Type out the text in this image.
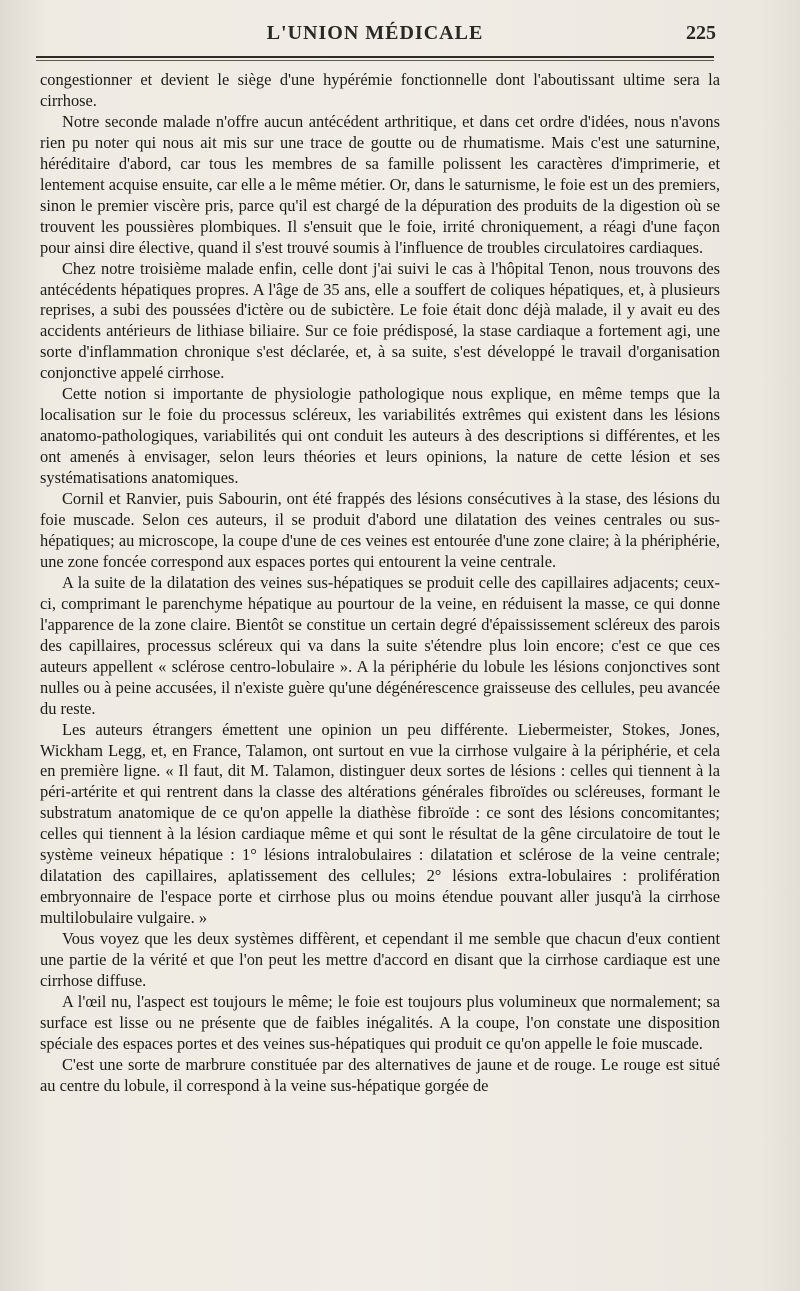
L'UNION MÉDICALE	225

congestionner et devient le siège d'une hypérémie fonctionnelle dont l'aboutissant ultime sera la cirrhose.

Notre seconde malade n'offre aucun antécédent arthritique, et dans cet ordre d'idées, nous n'avons rien pu noter qui nous ait mis sur une trace de goutte ou de rhumatisme. Mais c'est une saturnine, héréditaire d'abord, car tous les membres de sa famille polissent les caractères d'imprimerie, et lentement acquise ensuite, car elle a le même métier. Or, dans le saturnisme, le foie est un des premiers, sinon le premier viscère pris, parce qu'il est chargé de la dépuration des produits de la digestion où se trouvent les poussières plombiques. Il s'ensuit que le foie, irrité chroniquement, a réagi d'une façon pour ainsi dire élective, quand il s'est trouvé soumis à l'influence de troubles circulatoires cardiaques.

Chez notre troisième malade enfin, celle dont j'ai suivi le cas à l'hôpital Tenon, nous trouvons des antécédents hépatiques propres. A l'âge de 35 ans, elle a souffert de coliques hépatiques, et, à plusieurs reprises, a subi des poussées d'ictère ou de subictère. Le foie était donc déjà malade, il y avait eu des accidents antérieurs de lithiase biliaire. Sur ce foie prédisposé, la stase cardiaque a fortement agi, une sorte d'inflammation chronique s'est déclarée, et, à sa suite, s'est développé le travail d'organisation conjonctive appelé cirrhose.

Cette notion si importante de physiologie pathologique nous explique, en même temps que la localisation sur le foie du processus scléreux, les variabilités extrêmes qui existent dans les lésions anatomo-pathologiques, variabilités qui ont conduit les auteurs à des descriptions si différentes, et les ont amenés à envisager, selon leurs théories et leurs opinions, la nature de cette lésion et ses systématisations anatomiques.

Cornil et Ranvier, puis Sabourin, ont été frappés des lésions consécutives à la stase, des lésions du foie muscade. Selon ces auteurs, il se produit d'abord une dilatation des veines centrales ou sus-hépatiques; au microscope, la coupe d'une de ces veines est entourée d'une zone claire; à la phériphérie, une zone foncée correspond aux espaces portes qui entourent la veine centrale.

A la suite de la dilatation des veines sus-hépatiques se produit celle des capillaires adjacents; ceux-ci, comprimant le parenchyme hépatique au pourtour de la veine, en réduisent la masse, ce qui donne l'apparence de la zone claire. Bientôt se constitue un certain degré d'épaississement scléreux des parois des capillaires, processus scléreux qui va dans la suite s'étendre plus loin encore; c'est ce que ces auteurs appellent « sclérose centro-lobulaire ». A la périphérie du lobule les lésions conjonctives sont nulles ou à peine accusées, il n'existe guère qu'une dégénérescence graisseuse des cellules, peu avancée du reste.

Les auteurs étrangers émettent une opinion un peu différente. Liebermeister, Stokes, Jones, Wickham Legg, et, en France, Talamon, ont surtout en vue la cirrhose vulgaire à la périphérie, et cela en première ligne. « Il faut, dit M. Talamon, distinguer deux sortes de lésions : celles qui tiennent à la péri-artérite et qui rentrent dans la classe des altérations générales fibroïdes ou scléreuses, formant le substratum anatomique de ce qu'on appelle la diathèse fibroïde : ce sont des lésions concomitantes; celles qui tiennent à la lésion cardiaque même et qui sont le résultat de la gêne circulatoire de tout le système veineux hépatique : 1° lésions intralobulaires : dilatation et sclérose de la veine centrale; dilatation des capillaires, aplatissement des cellules; 2° lésions extra-lobulaires : prolifération embryonnaire de l'espace porte et cirrhose plus ou moins étendue pouvant aller jusqu'à la cirrhose multilobulaire vulgaire. »

Vous voyez que les deux systèmes diffèrent, et cependant il me semble que chacun d'eux contient une partie de la vérité et que l'on peut les mettre d'accord en disant que la cirrhose cardiaque est une cirrhose diffuse.

A l'œil nu, l'aspect est toujours le même; le foie est toujours plus volumineux que normalement; sa surface est lisse ou ne présente que de faibles inégalités. A la coupe, l'on constate une disposition spéciale des espaces portes et des veines sus-hépatiques qui produit ce qu'on appelle le foie muscade.

C'est une sorte de marbrure constituée par des alternatives de jaune et de rouge. Le rouge est situé au centre du lobule, il correspond à la veine sus-hépatique gorgée de
